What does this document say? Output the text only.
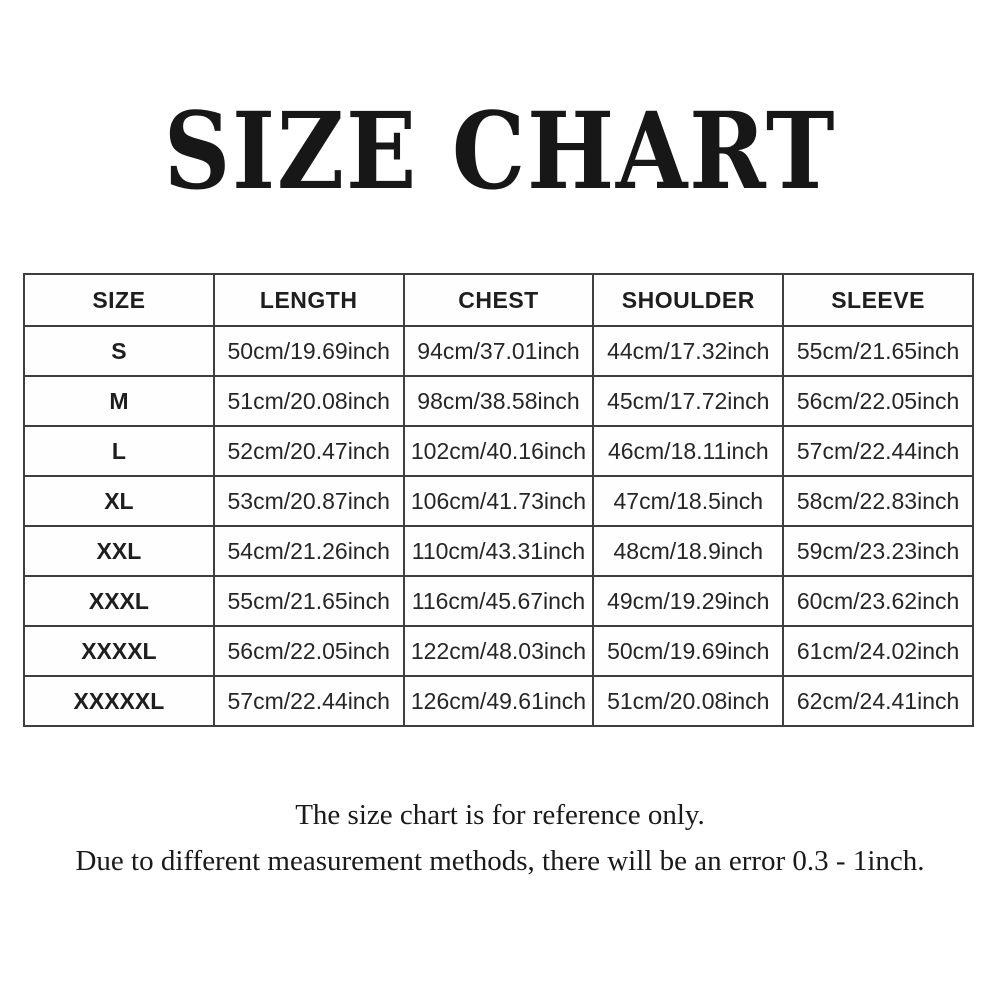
SIZE CHART
SIZE	LENGTH	CHEST	SHOULDER	SLEEVE
S	50cm/19.69inch	94cm/37.01inch	44cm/17.32inch	55cm/21.65inch
M	51cm/20.08inch	98cm/38.58inch	45cm/17.72inch	56cm/22.05inch
L	52cm/20.47inch	102cm/40.16inch	46cm/18.11inch	57cm/22.44inch
XL	53cm/20.87inch	106cm/41.73inch	47cm/18.5inch	58cm/22.83inch
XXL	54cm/21.26inch	110cm/43.31inch	48cm/18.9inch	59cm/23.23inch
XXXL	55cm/21.65inch	116cm/45.67inch	49cm/19.29inch	60cm/23.62inch
XXXXL	56cm/22.05inch	122cm/48.03inch	50cm/19.69inch	61cm/24.02inch
XXXXXL	57cm/22.44inch	126cm/49.61inch	51cm/20.08inch	62cm/24.41inch
The size chart is for reference only.
Due to different measurement methods, there will be an error 0.3 - 1inch.
